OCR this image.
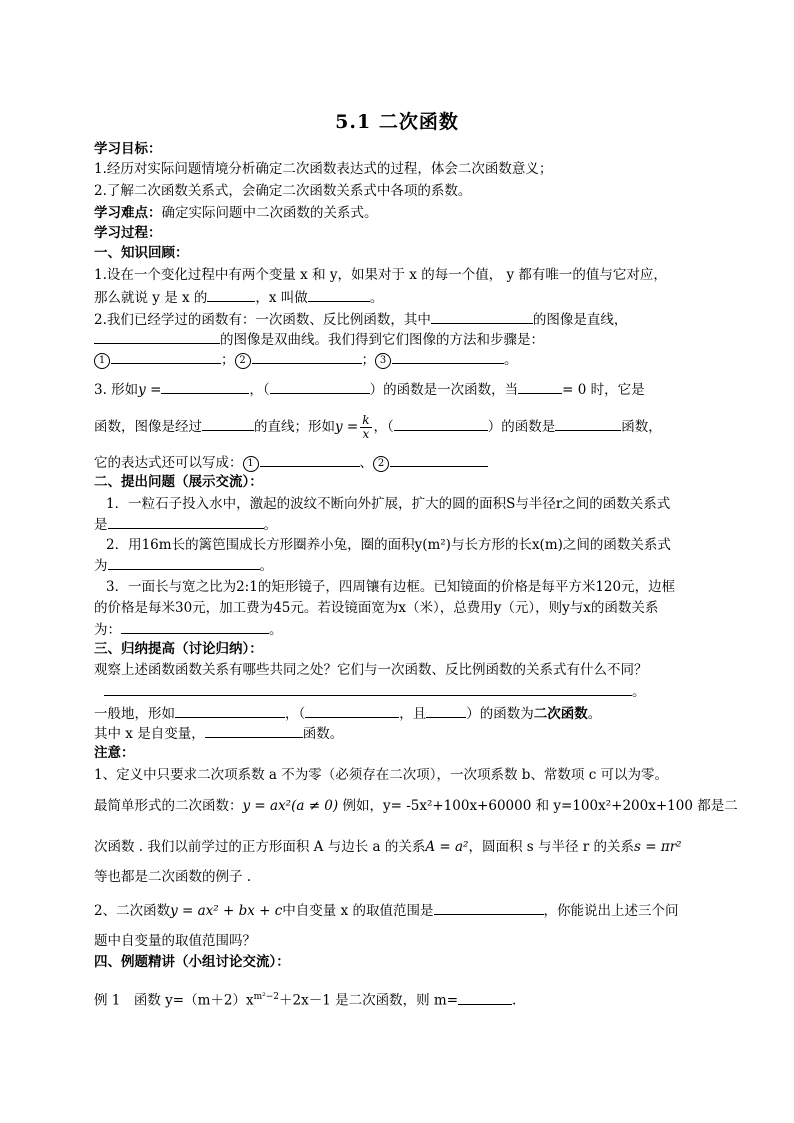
5.1 二次函数
学习目标：
1.经历对实际问题情境分析确定二次函数表达式的过程，体会二次函数意义；
2.了解二次函数关系式，会确定二次函数关系式中各项的系数。
学习难点：确定实际问题中二次函数的关系式。
学习过程：
一、知识回顾：
1.设在一个变化过程中有两个变量 x 和 y，如果对于 x 的每一个值， y 都有唯一的值与它对应，
那么就说 y 是 x 的	，x 叫做	。
2.我们已经学过的函数有：一次函数、反比例函数，其中	的图像是直线，
的图像是双曲线。我们得到它们图像的方法和步骤是：
1	； 2	； 3	。
3. 形如y =	，（	）的函数是一次函数，当	= 0 时，它是
函数，图像是经过	的直线；形如$y = \frac{k}{x}$ ，（	）的函数是	函数，
它的表达式还可以写成： 1	、 2
二、提出问题（展示交流）：
1．一粒石子投入水中，激起的波纹不断向外扩展，扩大的圆的面积S与半径r之间的函数关系式
是	。
2．用16m长的篱笆围成长方形圈养小兔，圈的面积y(m²)与长方形的长x(m)之间的函数关系式
为	。
3．一面长与宽之比为2:1的矩形镜子，四周镶有边框。已知镜面的价格是每平方米120元，边框
的价格是每米30元，加工费为45元。若设镜面宽为x（米），总费用y（元），则y与x的函数关系
为：	。
三、归纳提高（讨论归纳）：
观察上述函数函数关系有哪些共同之处？它们与一次函数、反比例函数的关系式有什么不同？
。
一般地，形如	，（	，且	）的函数为二次函数。
其中 x 是自变量，	函数。
注意：
1、定义中只要求二次项系数 a 不为零（必须存在二次项），一次项系数 b、常数项 c 可以为零。
最简单形式的二次函数：y = ax²(a ≠ 0) 例如，y= -5x²+100x+60000 和 y=100x²+200x+100 都是二
次函数 . 我们以前学过的正方形面积 A 与边长 a 的关系A = a²，圆面积 s 与半径 r 的关系s = πr²
等也都是二次函数的例子 .
2、二次函数y = ax² + bx + c中自变量 x 的取值范围是	，你能说出上述三个问
题中自变量的取值范围吗？
四、例题精讲（小组讨论交流）：
例 1　函数 $y=(m+2)x^{m^2-2}+2x-1$ 是二次函数，则 m=	.
